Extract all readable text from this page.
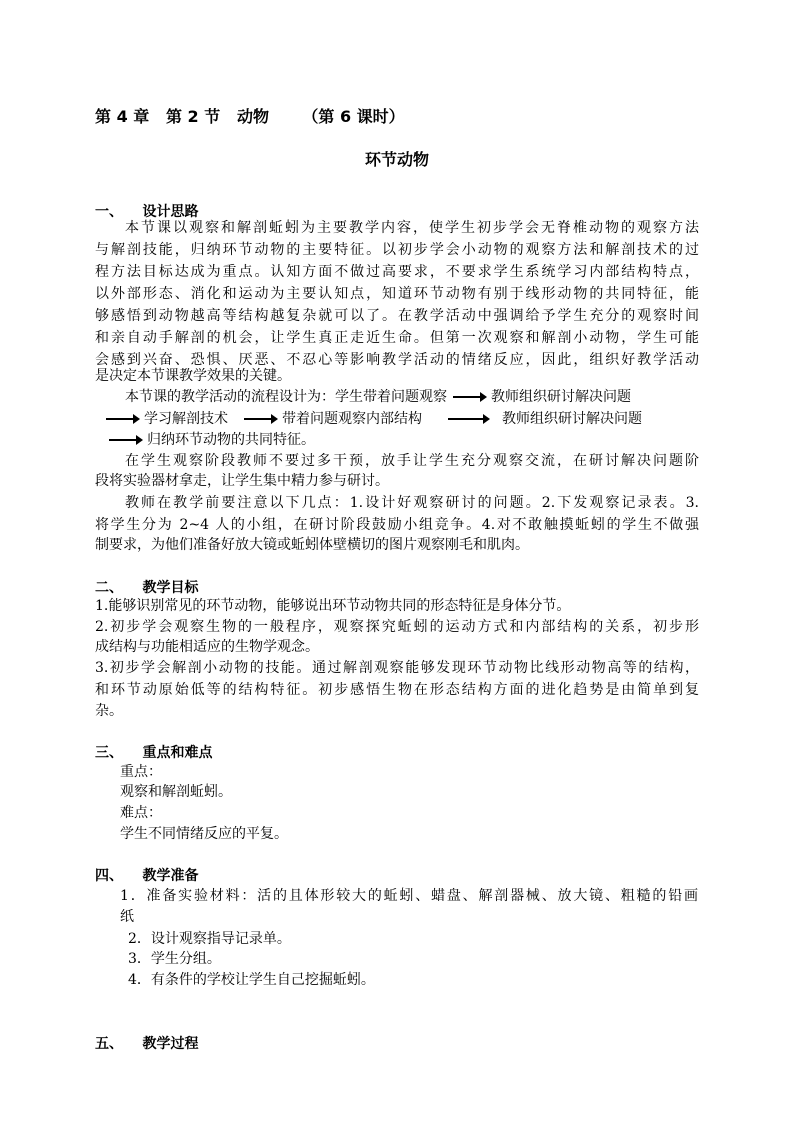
第 4 章   第 2 节   动物      （第 6 课时）
环节动物
一、    设计思路
本节课以观察和解剖蚯蚓为主要教学内容，使学生初步学会无脊椎动物的观察方法
与解剖技能，归纳环节动物的主要特征。以初步学会小动物的观察方法和解剖技术的过
程方法目标达成为重点。认知方面不做过高要求，不要求学生系统学习内部结构特点，
以外部形态、消化和运动为主要认知点，知道环节动物有别于线形动物的共同特征，能
够感悟到动物越高等结构越复杂就可以了。在教学活动中强调给予学生充分的观察时间
和亲自动手解剖的机会，让学生真正走近生命。但第一次观察和解剖小动物，学生可能
会感到兴奋、恐惧、厌恶、不忍心等影响教学活动的情绪反应，因此，组织好教学活动
是决定本节课教学效果的关键。
本节课的教学活动的流程设计为：学生带着问题观察	教师组织研讨解决问题
学习解剖技术	带着问题观察内部结构	教师组织研讨解决问题
归纳环节动物的共同特征。
在学生观察阶段教师不要过多干预，放手让学生充分观察交流，在研讨解决问题阶
段将实验器材拿走，让学生集中精力参与研讨。
教师在教学前要注意以下几点：1.设计好观察研讨的问题。2.下发观察记录表。3.
将学生分为 2~4 人的小组，在研讨阶段鼓励小组竞争。4.对不敢触摸蚯蚓的学生不做强
制要求，为他们准备好放大镜或蚯蚓体壁横切的图片观察刚毛和肌肉。
二、    教学目标
1.能够识别常见的环节动物，能够说出环节动物共同的形态特征是身体分节。
2.初步学会观察生物的一般程序，观察探究蚯蚓的运动方式和内部结构的关系，初步形
成结构与功能相适应的生物学观念。
3.初步学会解剖小动物的技能。通过解剖观察能够发现环节动物比线形动物高等的结构，
和环节动原始低等的结构特征。初步感悟生物在形态结构方面的进化趋势是由简单到复
杂。
三、    重点和难点
重点：
观察和解剖蚯蚓。
难点：
学生不同情绪反应的平复。
四、    教学准备
1．准备实验材料：活的且体形较大的蚯蚓、蜡盘、解剖器械、放大镜、粗糙的铅画
纸
2．设计观察指导记录单。
3．学生分组。
4．有条件的学校让学生自己挖掘蚯蚓。
五、    教学过程
